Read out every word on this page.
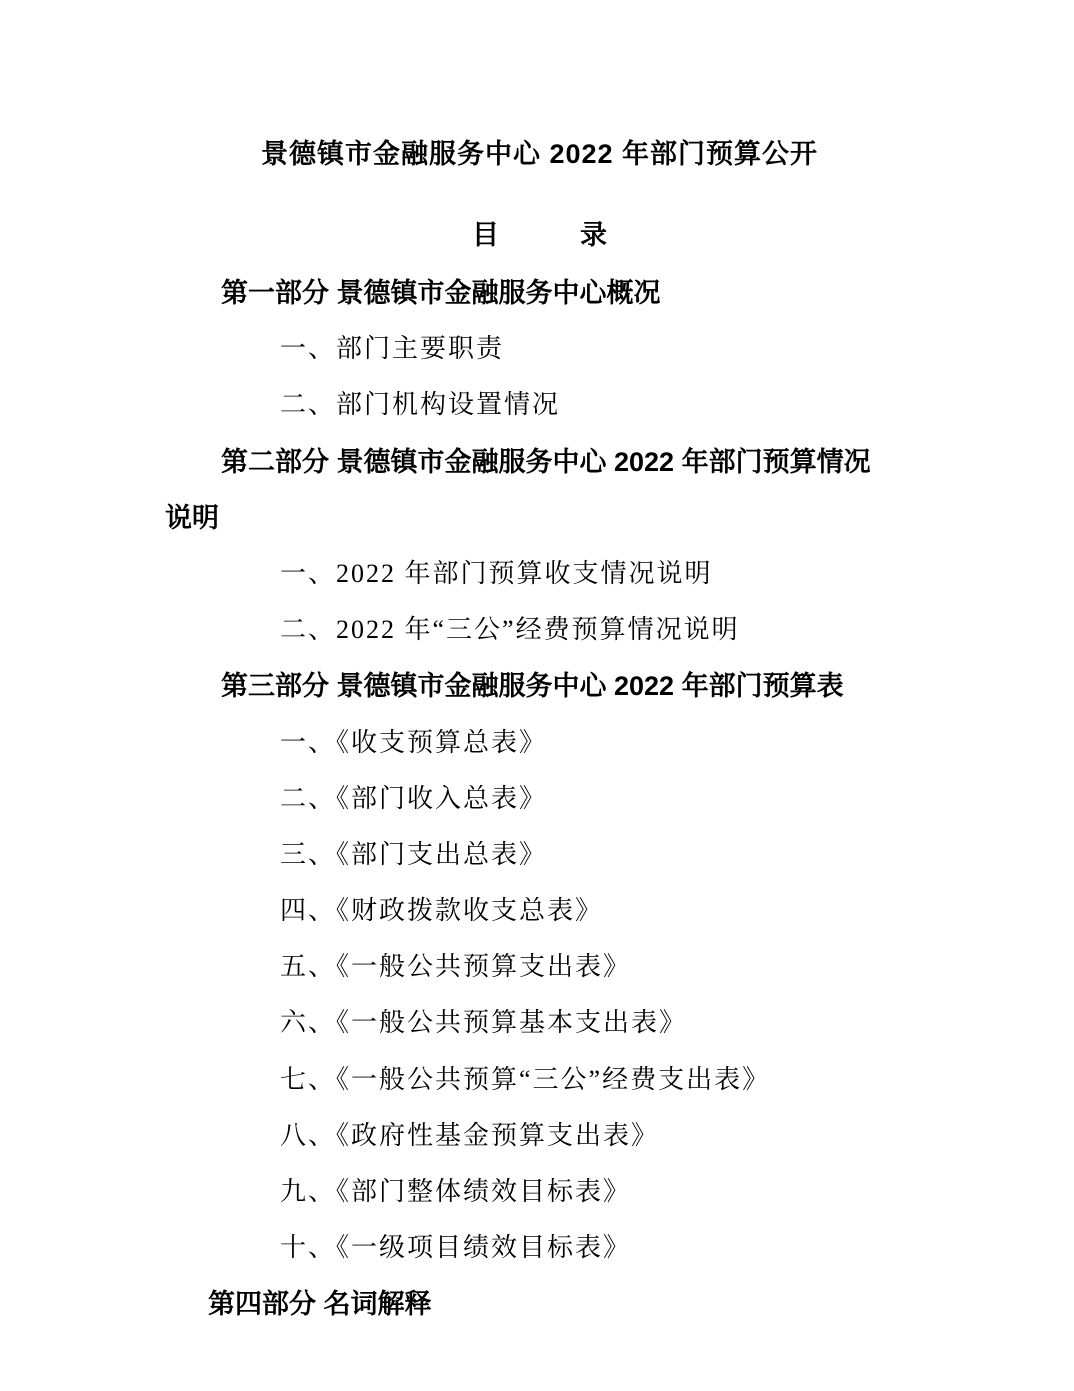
景德镇市金融服务中心 2022 年部门预算公开
目　　　录
第一部分 景德镇市金融服务中心概况
一、部门主要职责
二、部门机构设置情况
第二部分 景德镇市金融服务中心 2022 年部门预算情况
说明
一、2022 年部门预算收支情况说明
二、2022 年“三公”经费预算情况说明
第三部分 景德镇市金融服务中心 2022 年部门预算表
一、《收支预算总表》
二、《部门收入总表》
三、《部门支出总表》
四、《财政拨款收支总表》
五、《一般公共预算支出表》
六、《一般公共预算基本支出表》
七、《一般公共预算“三公”经费支出表》
八、《政府性基金预算支出表》
九、《部门整体绩效目标表》
十、《一级项目绩效目标表》
第四部分 名词解释
